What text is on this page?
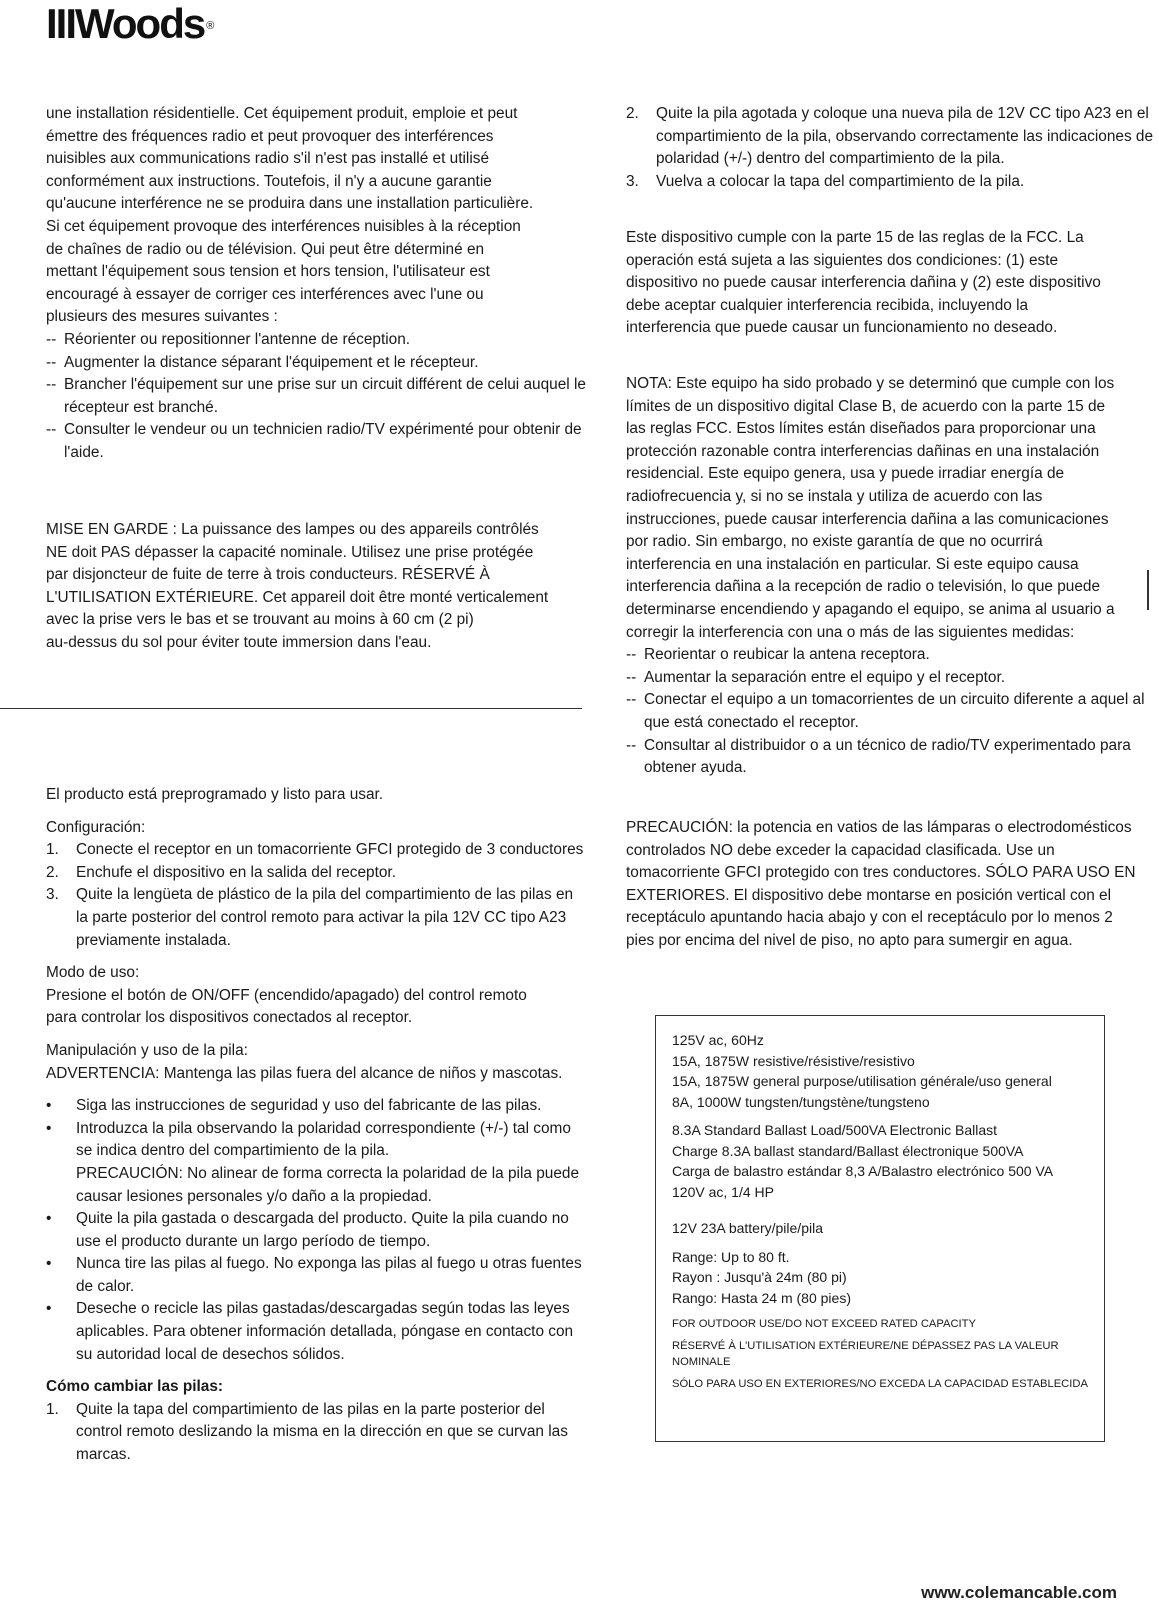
IIIWoods ®

une installation résidentielle. Cet équipement produit, emploie et peut

émettre des fréquences radio et peut provoquer des interférences

nuisibles aux communications radio s'il n'est pas installé et utilisé

conformément aux instructions. Toutefois, il n'y a aucune garantie

qu'aucune interférence ne se produira dans une installation particulière.

Si cet équipement provoque des interférences nuisibles à la réception

de chaînes de radio ou de télévision. Qui peut être déterminé en

mettant l'équipement sous tension et hors tension, l'utilisateur est

encouragé à essayer de corriger ces interférences avec l'une ou

plusieurs des mesures suivantes :

-- Réorienter ou repositionner l'antenne de réception.
-- Augmenter la distance séparant l'équipement et le récepteur.
-- Brancher l'équipement sur une prise sur un circuit différent de celui auquel le récepteur est branché.
-- Consulter le vendeur ou un technicien radio/TV expérimenté pour obtenir de l'aide.

MISE EN GARDE : La puissance des lampes ou des appareils contrôlés

NE doit PAS dépasser la capacité nominale. Utilisez une prise protégée

par disjoncteur de fuite de terre à trois conducteurs. RÉSERVÉ À

L'UTILISATION EXTÉRIEURE. Cet appareil doit être monté verticalement

avec la prise vers le bas et se trouvant au moins à 60 cm (2 pi)

au-dessus du sol pour éviter toute immersion dans l'eau.

El producto está preprogramado y listo para usar.

Configuración:

1.	Conecte el receptor en un tomacorriente GFCI protegido de 3 conductores
2.	Enchufe el dispositivo en la salida del receptor.
3.	Quite la lengüeta de plástico de la pila del compartimiento de las pilas en la parte posterior del control remoto para activar la pila 12V CC tipo A23 previamente instalada.

Modo de uso:

Presione el botón de ON/OFF (encendido/apagado) del control remoto

para controlar los dispositivos conectados al receptor.

Manipulación y uso de la pila:

ADVERTENCIA: Mantenga las pilas fuera del alcance de niños y mascotas.

•	Siga las instrucciones de seguridad y uso del fabricante de las pilas.
•	Introduzca la pila observando la polaridad correspondiente (+/-) tal como se indica dentro del compartimiento de la pila.
PRECAUCIÓN: No alinear de forma correcta la polaridad de la pila puede causar lesiones personales y/o daño a la propiedad.
•	Quite la pila gastada o descargada del producto. Quite la pila cuando no use el producto durante un largo período de tiempo.
•	Nunca tire las pilas al fuego. No exponga las pilas al fuego u otras fuentes de calor.
•	Deseche o recicle las pilas gastadas/descargadas según todas las leyes aplicables. Para obtener información detallada, póngase en contacto con su autoridad local de desechos sólidos.

Cómo cambiar las pilas:

1.	Quite la tapa del compartimiento de las pilas en la parte posterior del control remoto deslizando la misma en la dirección en que se curvan las marcas.
2.	Quite la pila agotada y coloque una nueva pila de 12V CC tipo A23 en el compartimiento de la pila, observando correctamente las indicaciones de polaridad (+/-) dentro del compartimiento de la pila.
3.	Vuelva a colocar la tapa del compartimiento de la pila.

Este dispositivo cumple con la parte 15 de las reglas de la FCC. La

operación está sujeta a las siguientes dos condiciones: (1) este

dispositivo no puede causar interferencia dañina y (2) este dispositivo

debe aceptar cualquier interferencia recibida, incluyendo la

interferencia que puede causar un funcionamiento no deseado.

NOTA: Este equipo ha sido probado y se determinó que cumple con los

límites de un dispositivo digital Clase B, de acuerdo con la parte 15 de

las reglas FCC. Estos límites están diseñados para proporcionar una

protección razonable contra interferencias dañinas en una instalación

residencial. Este equipo genera, usa y puede irradiar energía de

radiofrecuencia y, si no se instala y utiliza de acuerdo con las

instrucciones, puede causar interferencia dañina a las comunicaciones

por radio. Sin embargo, no existe garantía de que no ocurrirá

interferencia en una instalación en particular. Si este equipo causa

interferencia dañina a la recepción de radio o televisión, lo que puede

determinarse encendiendo y apagando el equipo, se anima al usuario a

corregir la interferencia con una o más de las siguientes medidas:

-- Reorientar o reubicar la antena receptora.
-- Aumentar la separación entre el equipo y el receptor.
-- Conectar el equipo a un tomacorrientes de un circuito diferente a aquel al que está conectado el receptor.
-- Consultar al distribuidor o a un técnico de radio/TV experimentado para obtener ayuda.

PRECAUCIÓN: la potencia en vatios de las lámparas o electrodomésticos

controlados NO debe exceder la capacidad clasificada. Use un

tomacorriente GFCI protegido con tres conductores. SÓLO PARA USO EN

EXTERIORES. El dispositivo debe montarse en posición vertical con el

receptáculo apuntando hacia abajo y con el receptáculo por lo menos 2

pies por encima del nivel de piso, no apto para sumergir en agua.

125V ac, 60Hz

15A, 1875W resistive/résistive/resistivo

15A, 1875W general purpose/utilisation générale/uso general

8A, 1000W tungsten/tungstène/tungsteno

8.3A Standard Ballast Load/500VA Electronic Ballast

Charge 8.3A ballast standard/Ballast électronique 500VA

Carga de balastro estándar 8,3 A/Balastro electrónico 500 VA

120V ac, 1/4 HP

12V 23A battery/pile/pila

Range: Up to 80 ft.

Rayon : Jusqu'à 24m (80 pi)

Rango: Hasta 24 m (80 pies)

FOR OUTDOOR USE/DO NOT EXCEED RATED CAPACITY

RÉSERVÉ À L'UTILISATION EXTÉRIEURE/NE DÉPASSEZ PAS LA VALEUR NOMINALE

SÓLO PARA USO EN EXTERIORES/NO EXCEDA LA CAPACIDAD ESTABLECIDA

www.colemancable.com
